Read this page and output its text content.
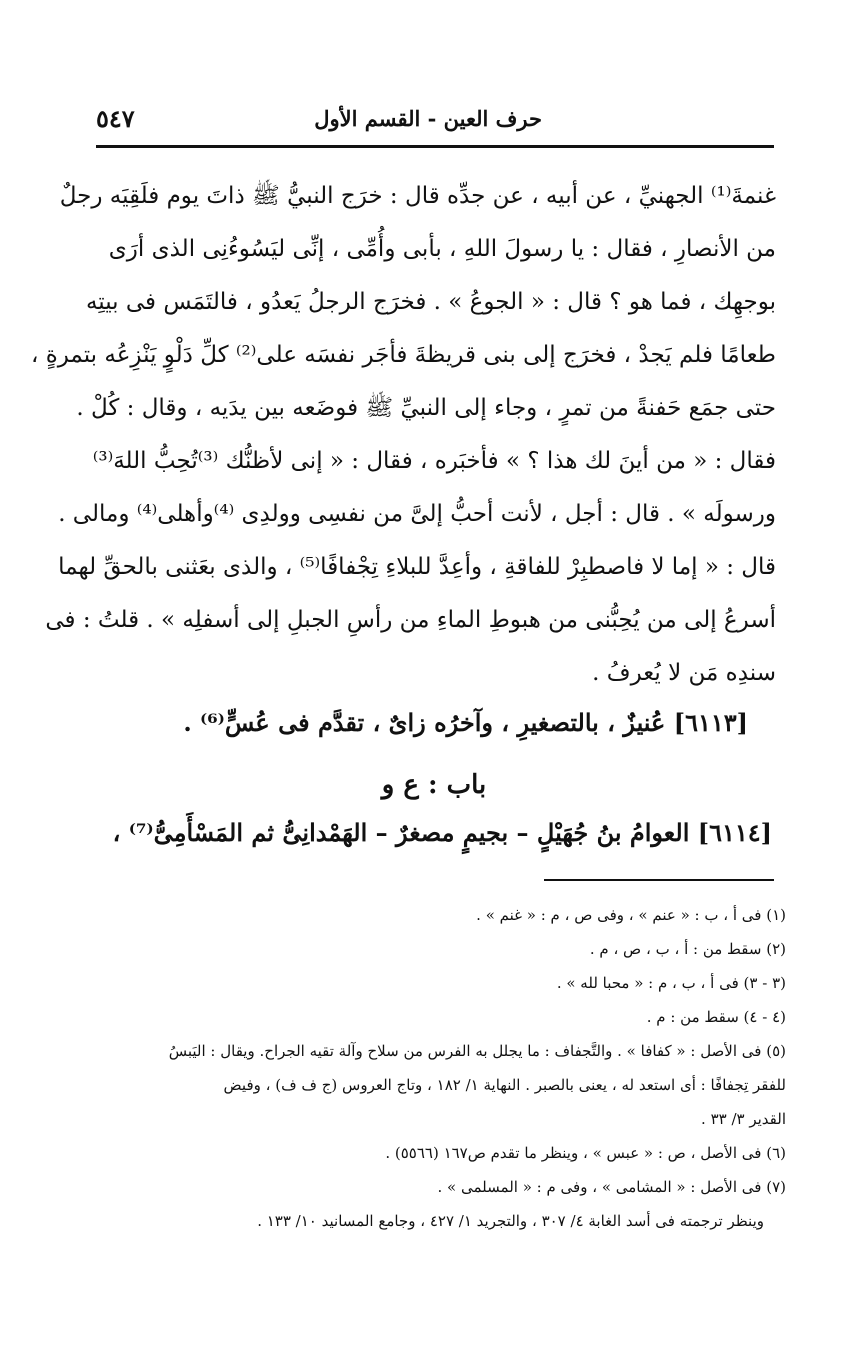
حرف العين - القسم الأول
٥٤٧
غنمةَ⁽¹⁾ الجهنيِّ ، عن أبيه ، عن جدِّه قال : خرَج النبيُّ ﷺ ذاتَ يوم فلَقِيَه رجلٌ
من الأنصارِ ، فقال : يا رسولَ اللهِ ، بأبى وأُمِّى ، إنِّى ليَسُوءُنِى الذى أرَى
بوجهِك ، فما هو ؟ قال : « الجوعُ » . فخرَج الرجلُ يَعدُو ، فالتَمَس فى بيتِه
طعامًا فلم يَجدْ ، فخرَج إلى بنى قريظةَ فأجَر نفسَه على⁽²⁾ كلِّ دَلْوٍ يَنْزِعُه بتمرةٍ ،
حتى جمَع حَفنةً من تمرٍ ، وجاء إلى النبيِّ ﷺ فوضَعه بين يدَيه ، وقال : كُلْ .
فقال : « من أينَ لك هذا ؟ » فأخبَره ، فقال : « إنى لأظنُّك ⁽³⁾تُحِبُّ اللهَ⁽³⁾
ورسولَه » . قال : أجل ، لأنت أحبُّ إلىَّ من نفسِى وولدِى ⁽⁴⁾وأهلى⁽⁴⁾ ومالى .
قال : « إما لا فاصطبِرْ للفاقةِ ، وأعِدَّ للبلاءِ تِجْفافًا⁽⁵⁾ ، والذى بعَثنى بالحقِّ لهما
أسرعُ إلى من يُحِبُّنى من هبوطِ الماءِ من رأسِ الجبلِ إلى أسفلِه » . قلتُ : فى
سندِه مَن لا يُعرفُ .
[٦١١٣] عُنيزٌ ، بالتصغيرِ ، وآخرُه زاىٌ ، تقدَّم فى عُسٍّ⁽⁶⁾ .
باب : ع و
[٦١١٤] العوامُ بنُ جُهَيْلٍ – بجيمٍ مصغرٌ – الهَمْدانِىُّ ثم المَسْأَمِىُّ⁽⁷⁾ ،
(١) فى أ ، ب : « عنم » ، وفى ص ، م : « غنم » .
(٢) سقط من : أ ، ب ، ص ، م .
(٣ - ٣) فى أ ، ب ، م : « محبا لله » .
(٤ - ٤) سقط من : م .
(٥) فى الأصل : « كفافا » . والتَّجفاف : ما يجلل به الفرس من سلاح وآلة تقيه الجراح. ويقال : اليَبسُ
للفقر تِجفافًا : أى استعد له ، يعنى بالصبر . النهاية ١/ ١٨٢ ، وتاج العروس (ج ف ف) ، وفيض
القدير ٣/ ٣٣ .
(٦) فى الأصل ، ص : « عبس » ، وينظر ما تقدم ص١٦٧ (٥٥٦٦) .
(٧) فى الأصل : « المشامى » ، وفى م : « المسلمى » .
وينظر ترجمته فى أسد الغابة ٤/ ٣٠٧ ، والتجريد ١/ ٤٢٧ ، وجامع المسانيد ١٠/ ١٣٣ .
